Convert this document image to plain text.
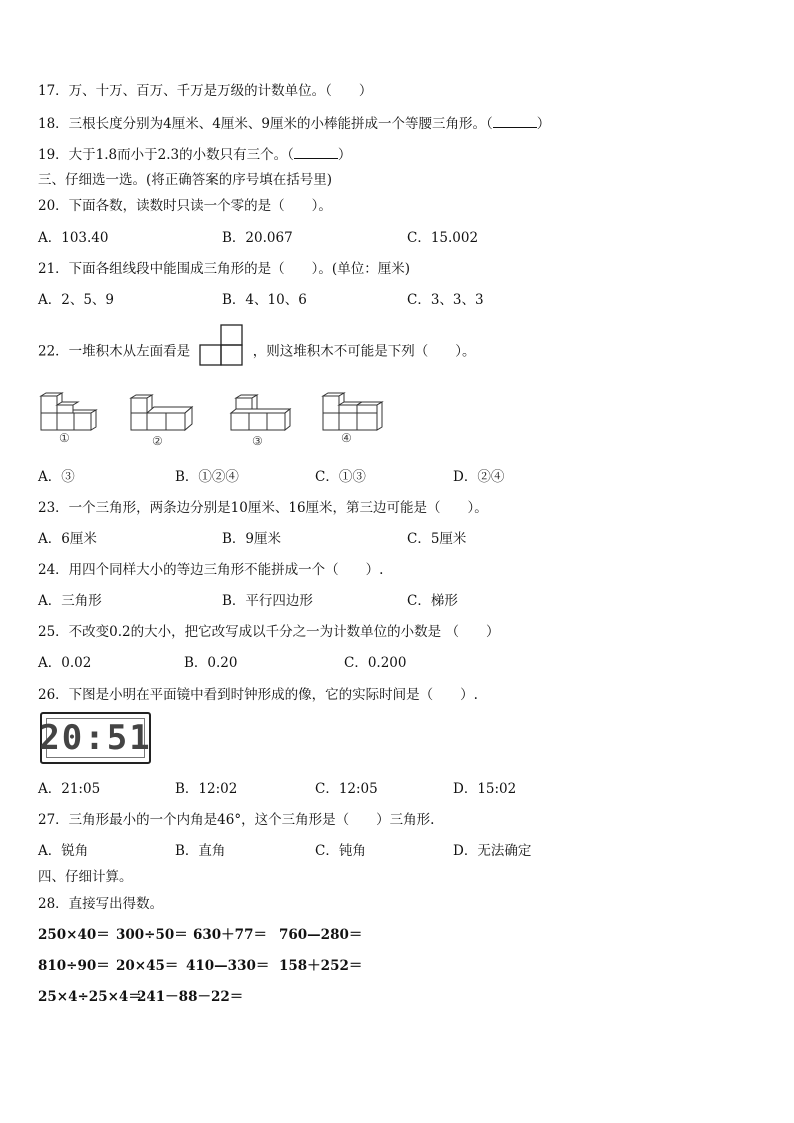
17．万、十万、百万、千万是万级的计数单位。（　　）
18．三根长度分别为4厘米、4厘米、9厘米的小棒能拼成一个等腰三角形。（	）
19．大于1.8而小于2.3的小数只有三个。（	）
三、仔细选一选。(将正确答案的序号填在括号里)
20．下面各数，读数时只读一个零的是（　　）。
A．103.40	B．20.067	C．15.002
21．下面各组线段中能围成三角形的是（　　）。(单位：厘米)
A．2、5、9	B．4、10、6	C．3、3、3
22．一堆积木从左面看是	，则这堆积木不可能是下列（　　）。
①	②	③	④
A．③	B．①②④	C．①③	D．②④
23．一个三角形，两条边分别是10厘米、16厘米，第三边可能是（　　）。
A．6厘米	B．9厘米	C．5厘米
24．用四个同样大小的等边三角形不能拼成一个（　　）.
A．三角形	B．平行四边形	C．梯形
25．不改变0.2的大小，把它改写成以千分之一为计数单位的小数是 （　　）
A．0.02	B．0.20	C．0.200
26．下图是小明在平面镜中看到时钟形成的像，它的实际时间是（　　）.
20:51
A．21:05	B．12:02	C．12:05	D．15:02
27．三角形最小的一个内角是46°，这个三角形是（　　）三角形.
A．锐角	B．直角	C．钝角	D．无法确定
四、仔细计算。
28．直接写出得数。
250×40＝ 300÷50＝ 630＋77＝ 760—280＝
810÷90＝ 20×45＝ 410—330＝ 158＋252＝
25×4÷25×4＝
241－88－22＝
